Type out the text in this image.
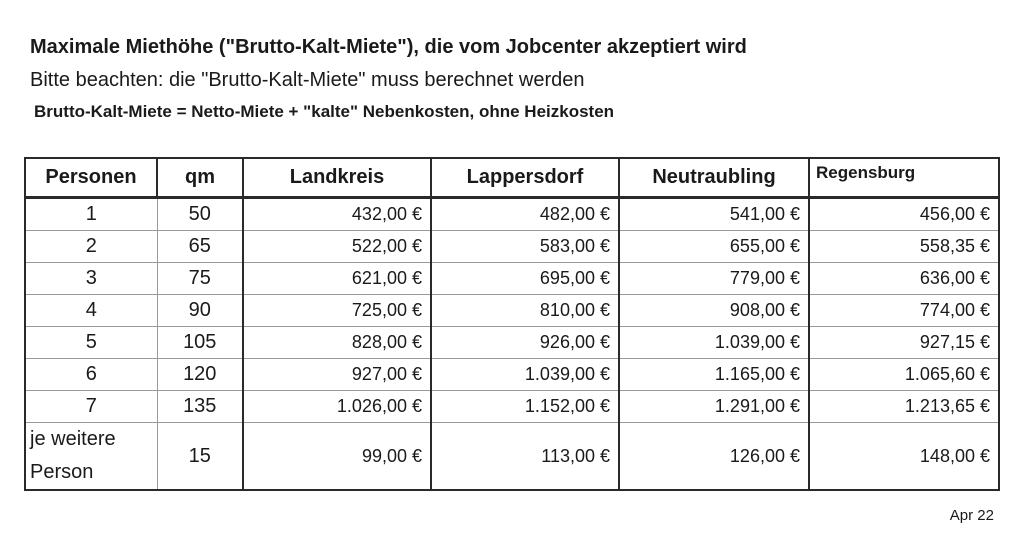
Maximale Miethöhe ("Brutto-Kalt-Miete"), die vom Jobcenter akzeptiert wird
Bitte beachten: die "Brutto-Kalt-Miete" muss berechnet werden
Brutto-Kalt-Miete = Netto-Miete + "kalte" Nebenkosten, ohne Heizkosten
Personen	qm	Landkreis	Lappersdorf	Neutraubling	Regensburg
1	50	432,00 €	482,00 €	541,00 €	456,00 €
2	65	522,00 €	583,00 €	655,00 €	558,35 €
3	75	621,00 €	695,00 €	779,00 €	636,00 €
4	90	725,00 €	810,00 €	908,00 €	774,00 €
5	105	828,00 €	926,00 €	1.039,00 €	927,15 €
6	120	927,00 €	1.039,00 €	1.165,00 €	1.065,60 €
7	135	1.026,00 €	1.152,00 €	1.291,00 €	1.213,65 €
je weitere Person	15	99,00 €	113,00 €	126,00 €	148,00 €
Apr 22
